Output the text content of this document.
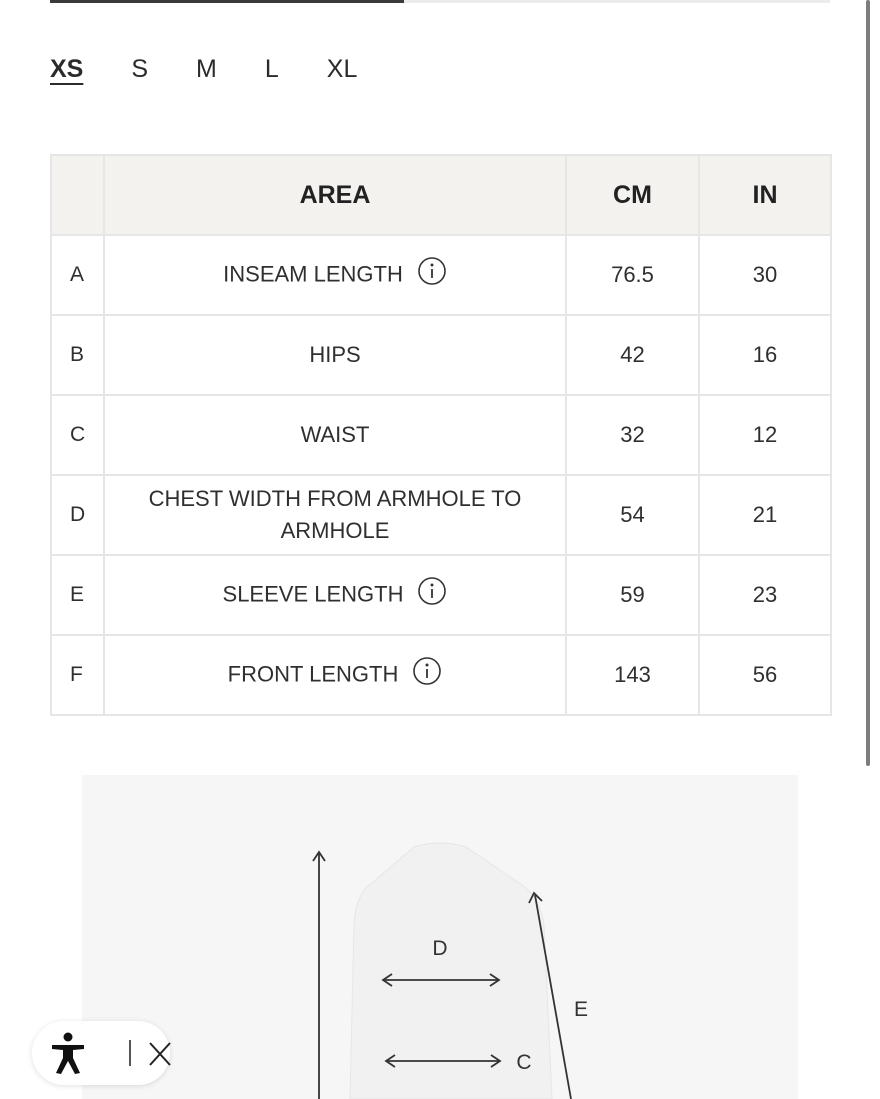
XS S M L XL
	AREA	CM	IN
A	INSEAM LENGTH	76.5	30
B	HIPS	42	16
C	WAIST	32	12
D	CHEST WIDTH FROM ARMHOLE TO ARMHOLE	54	21
E	SLEEVE LENGTH	59	23
F	FRONT LENGTH	143	56
D
E
C
